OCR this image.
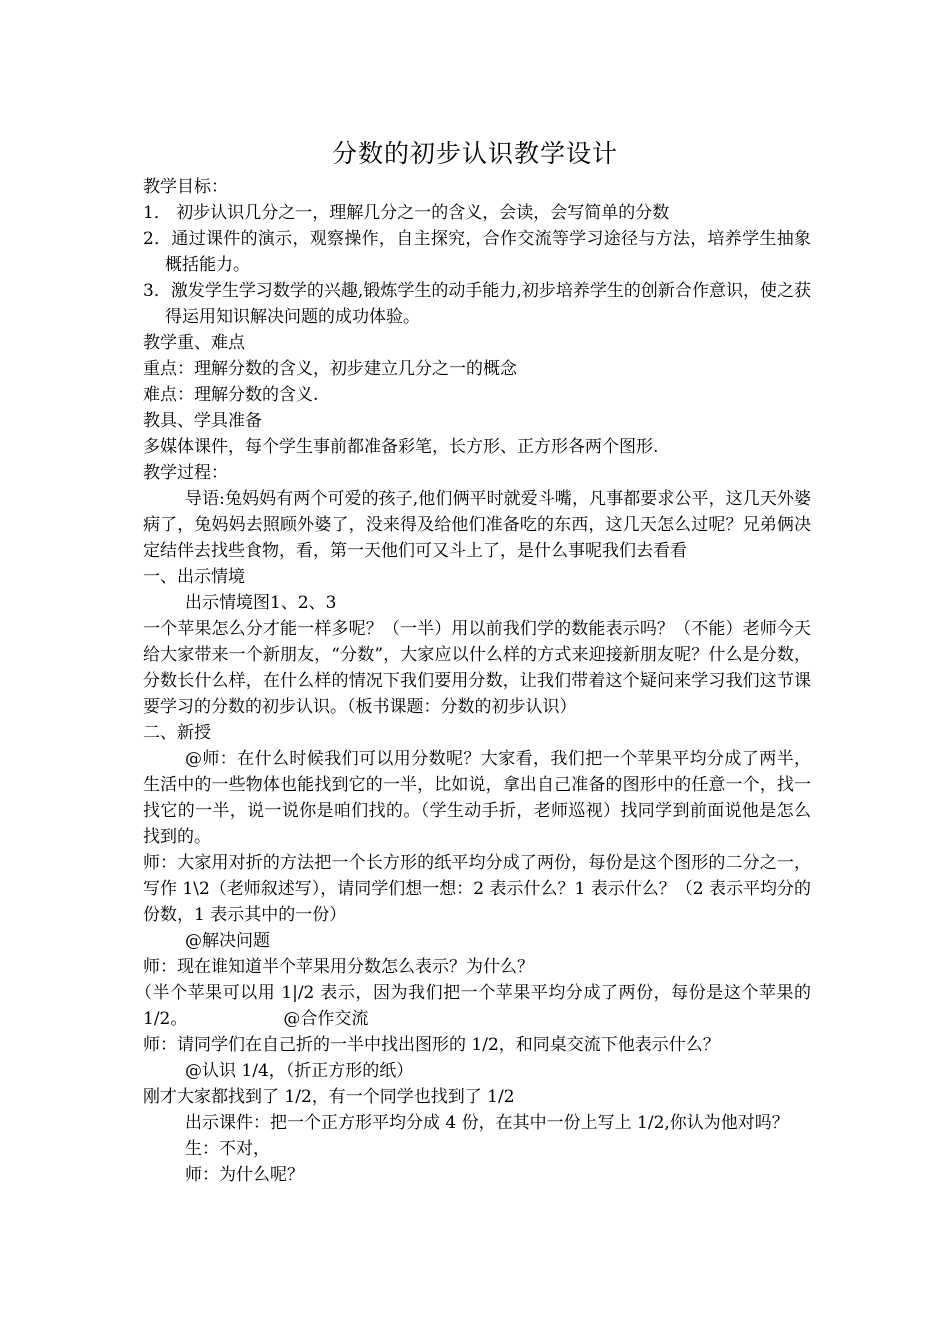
分数的初步认识教学设计
教学目标：
1． 初步认识几分之一，理解几分之一的含义，会读，会写简单的分数
2．通过课件的演示，观察操作，自主探究，合作交流等学习途径与方法，培养学生抽象概括能力。
3．激发学生学习数学的兴趣,锻炼学生的动手能力,初步培养学生的创新合作意识，使之获得运用知识解决问题的成功体验。
教学重、难点
重点：理解分数的含义，初步建立几分之一的概念
难点：理解分数的含义.
教具、学具准备
多媒体课件，每个学生事前都准备彩笔，长方形、正方形各两个图形.
教学过程：
导语:兔妈妈有两个可爱的孩子,他们俩平时就爱斗嘴，凡事都要求公平，这几天外婆病了，兔妈妈去照顾外婆了，没来得及给他们准备吃的东西，这几天怎么过呢？兄弟俩决定结伴去找些食物，看，第一天他们可又斗上了，是什么事呢我们去看看
一、出示情境
出示情境图1、2、3
一个苹果怎么分才能一样多呢？（一半）用以前我们学的数能表示吗？（不能）老师今天给大家带来一个新朋友，“分数”，大家应以什么样的方式来迎接新朋友呢？什么是分数，分数长什么样，在什么样的情况下我们要用分数，让我们带着这个疑问来学习我们这节课要学习的分数的初步认识。（板书课题：分数的初步认识）
二、新授
@师：在什么时候我们可以用分数呢？大家看，我们把一个苹果平均分成了两半，生活中的一些物体也能找到它的一半，比如说，拿出自己准备的图形中的任意一个，找一找它的一半，说一说你是咱们找的。（学生动手折，老师巡视）找同学到前面说他是怎么找到的。
师：大家用对折的方法把一个长方形的纸平均分成了两份，每份是这个图形的二分之一，写作 1\2（老师叙述写），请同学们想一想：2 表示什么？1 表示什么？（2 表示平均分的份数，1 表示其中的一份）
@解决问题
师：现在谁知道半个苹果用分数怎么表示？为什么？
（半个苹果可以用 1|/2 表示，因为我们把一个苹果平均分成了两份，每份是这个苹果的 1/2。	@合作交流
师：请同学们在自己折的一半中找出图形的 1/2，和同桌交流下他表示什么？
@认识 1/4，（折正方形的纸）
刚才大家都找到了 1/2，有一个同学也找到了 1/2
出示课件：把一个正方形平均分成 4 份，在其中一份上写上 1/2,你认为他对吗？
生：不对，
师：为什么呢？
